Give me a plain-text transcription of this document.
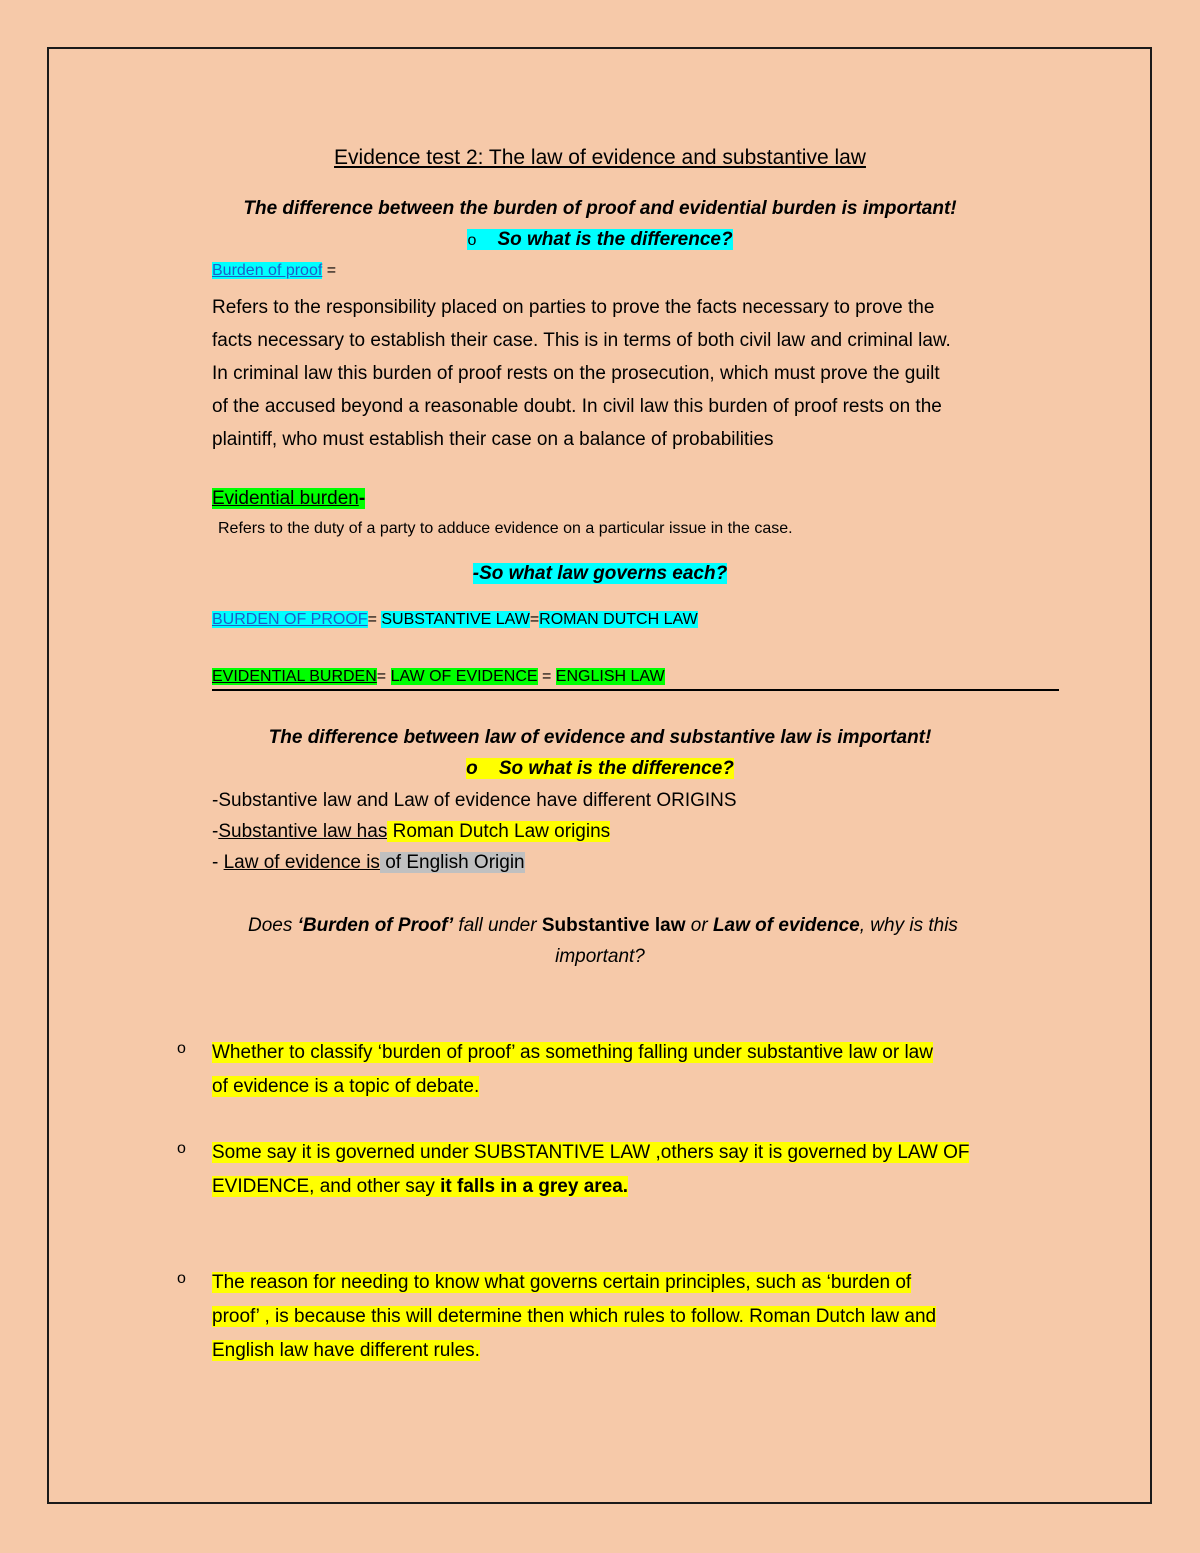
Evidence test 2: The law of evidence and substantive law
The difference between the burden of proof and evidential burden is important!
o So what is the difference?
Burden of proof =
Refers to the responsibility placed on parties to prove the facts necessary to prove the
facts necessary to establish their case. This is in terms of both civil law and criminal law.
In criminal law this burden of proof rests on the prosecution, which must prove the guilt
of the accused beyond a reasonable doubt. In civil law this burden of proof rests on the
plaintiff, who must establish their case on a balance of probabilities
Evidential burden-
Refers to the duty of a party to adduce evidence on a particular issue in the case.
-So what law governs each?
BURDEN OF PROOF= SUBSTANTIVE LAW=ROMAN DUTCH LAW
EVIDENTIAL BURDEN= LAW OF EVIDENCE = ENGLISH LAW
The difference between law of evidence and substantive law is important!
o So what is the difference?
-Substantive law and Law of evidence have different ORIGINS
-Substantive law has Roman Dutch Law origins
- Law of evidence is of English Origin
Does ‘Burden of Proof’ fall under Substantive law or Law of evidence, why is this
important?
o Whether to classify ‘burden of proof’ as something falling under substantive law or law
of evidence is a topic of debate.
o Some say it is governed under SUBSTANTIVE LAW ,others say it is governed by LAW OF
EVIDENCE, and other say it falls in a grey area.
o The reason for needing to know what governs certain principles, such as ‘burden of
proof’ , is because this will determine then which rules to follow. Roman Dutch law and
English law have different rules.
